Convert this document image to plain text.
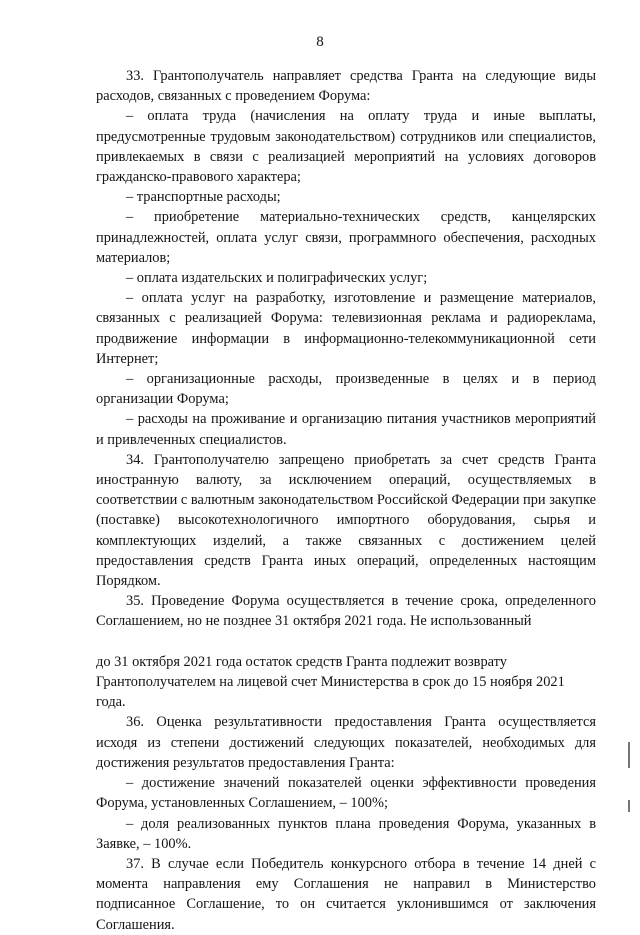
8

33. Грантополучатель направляет средства Гранта на следующие виды расходов, связанных с проведением Форума:

– оплата труда (начисления на оплату труда и иные выплаты, предусмотренные трудовым законодательством) сотрудников или специалистов, привлекаемых в связи с реализацией мероприятий на условиях договоров гражданско-правового характера;

– транспортные расходы;

– приобретение материально-технических средств, канцелярских принадлежностей, оплата услуг связи, программного обеспечения, расходных материалов;

– оплата издательских и полиграфических услуг;

– оплата услуг на разработку, изготовление и размещение материалов, связанных с реализацией Форума: телевизионная реклама и радиореклама, продвижение информации в информационно-телекоммуникационной сети Интернет;

– организационные расходы, произведенные в целях и в период организации Форума;

– расходы на проживание и организацию питания участников мероприятий и привлеченных специалистов.

34. Грантополучателю запрещено приобретать за счет средств Гранта иностранную валюту, за исключением операций, осуществляемых в соответствии с валютным законодательством Российской Федерации при закупке (поставке) высокотехнологичного импортного оборудования, сырья и комплектующих изделий, а также связанных с достижением целей предоставления средств Гранта иных операций, определенных настоящим Порядком.

35. Проведение Форума осуществляется в течение срока, определенного Соглашением, но не позднее 31 октября 2021 года. Не использованный

до 31 октября 2021 года остаток средств Гранта подлежит возврату Грантополучателем на лицевой счет Министерства в срок до 15 ноября 2021 года.

36. Оценка результативности предоставления Гранта осуществляется исходя из степени достижений следующих показателей, необходимых для достижения результатов предоставления Гранта:

– достижение значений показателей оценки эффективности проведения Форума, установленных Соглашением, – 100%;

– доля реализованных пунктов плана проведения Форума, указанных в Заявке, – 100%.

37. В случае если Победитель конкурсного отбора в течение 14 дней с момента направления ему Соглашения не направил в Министерство подписанное Соглашение, то он считается уклонившимся от заключения Соглашения.
